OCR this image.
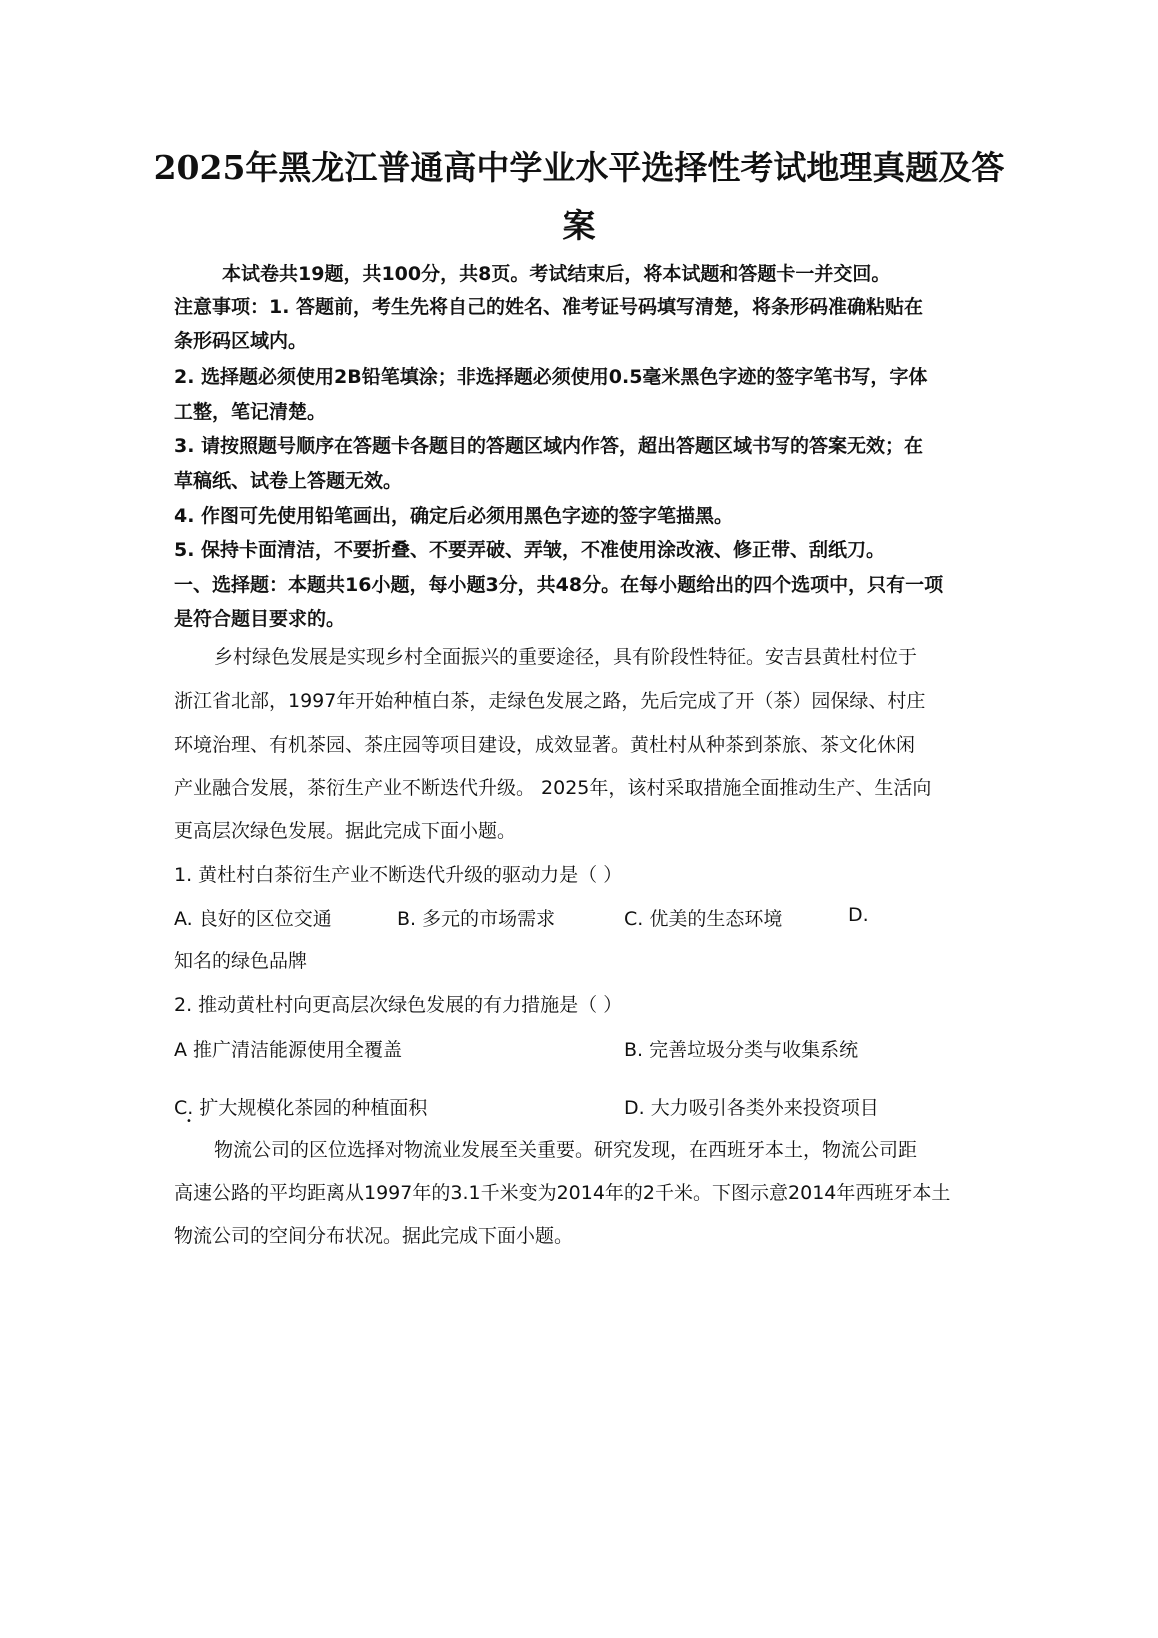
2025年黑龙江普通高中学业水平选择性考试地理真题及答
案
本试卷共19题，共100分，共8页。考试结束后，将本试题和答题卡一并交回。
注意事项：1. 答题前，考生先将自己的姓名、准考证号码填写清楚，将条形码准确粘贴在
条形码区域内。
2. 选择题必须使用2B铅笔填涂；非选择题必须使用0.5毫米黑色字迹的签字笔书写，字体
工整，笔记清楚。
3. 请按照题号顺序在答题卡各题目的答题区域内作答，超出答题区域书写的答案无效；在
草稿纸、试卷上答题无效。
4. 作图可先使用铅笔画出，确定后必须用黑色字迹的签字笔描黑。
5. 保持卡面清洁，不要折叠、不要弄破、弄皱，不准使用涂改液、修正带、刮纸刀。
一、选择题：本题共16小题，每小题3分，共48分。在每小题给出的四个选项中，只有一项
是符合题目要求的。
乡村绿色发展是实现乡村全面振兴的重要途径，具有阶段性特征。安吉县黄杜村位于
浙江省北部，1997年开始种植白茶，走绿色发展之路，先后完成了开（茶）园保绿、村庄
环境治理、有机茶园、茶庄园等项目建设，成效显著。黄杜村从种茶到茶旅、茶文化休闲
产业融合发展，茶衍生产业不断迭代升级。 2025年，该村采取措施全面推动生产、生活向
更高层次绿色发展。据此完成下面小题。
1. 黄杜村白茶衍生产业不断迭代升级的驱动力是（ ）
A. 良好的区位交通	B. 多元的市场需求	C. 优美的生态环境	D.
知名的绿色品牌
2. 推动黄杜村向更高层次绿色发展的有力措施是（ ）
A 推广清洁能源使用全覆盖
•
B. 完善垃圾分类与收集系统
C. 扩大规模化茶园的种植面积	D. 大力吸引各类外来投资项目
物流公司的区位选择对物流业发展至关重要。研究发现，在西班牙本土，物流公司距
高速公路的平均距离从1997年的3.1千米变为2014年的2千米。下图示意2014年西班牙本土
物流公司的空间分布状况。据此完成下面小题。
